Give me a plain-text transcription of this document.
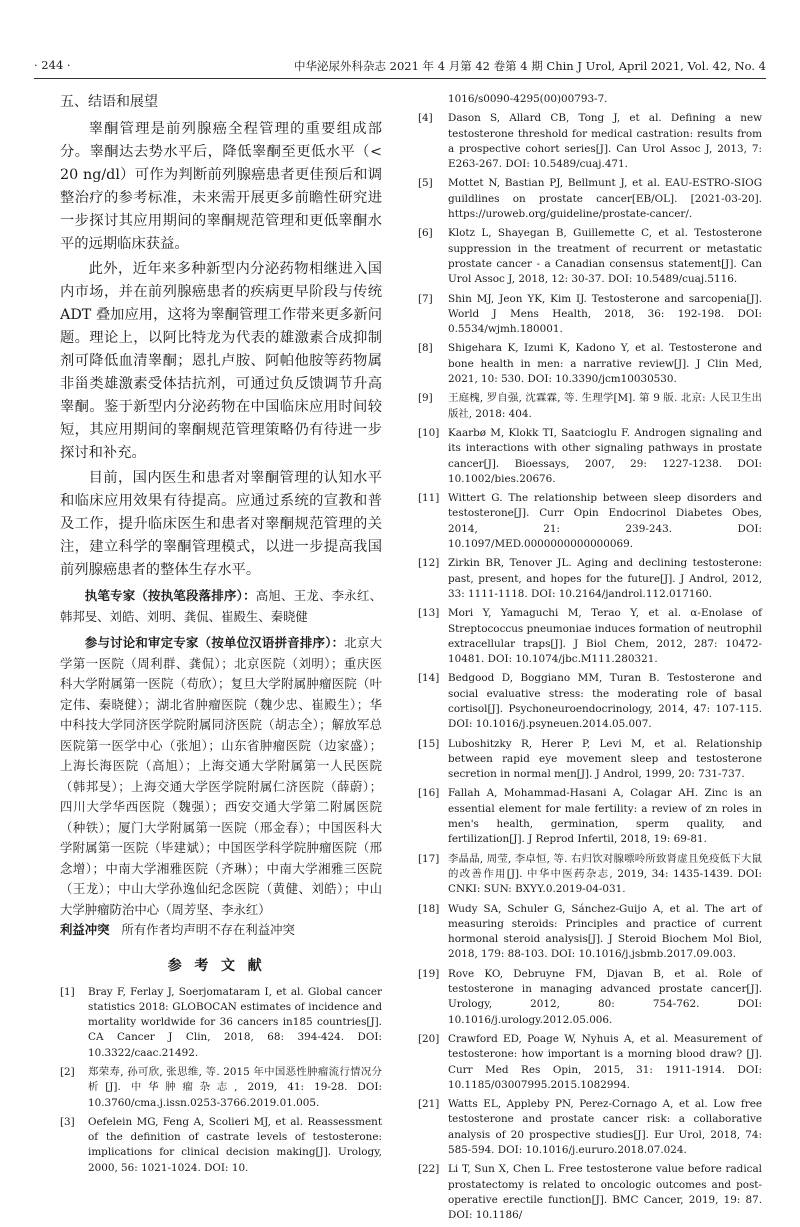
· 244 ·	中华泌尿外科杂志 2021 年 4 月第 42 卷第 4 期 Chin J Urol, April 2021, Vol. 42, No. 4
五、结语和展望

睾酮管理是前列腺癌全程管理的重要组成部分。睾酮达去势水平后，降低睾酮至更低水平（< 20 ng/dl）可作为判断前列腺癌患者更佳预后和调整治疗的参考标准，未来需开展更多前瞻性研究进一步探讨其应用期间的睾酮规范管理和更低睾酮水平的远期临床获益。

此外，近年来多种新型内分泌药物相继进入国内市场，并在前列腺癌患者的疾病更早阶段与传统 ADT 叠加应用，这将为睾酮管理工作带来更多新问题。理论上，以阿比特龙为代表的雄激素合成抑制剂可降低血清睾酮；恩扎卢胺、阿帕他胺等药物属非甾类雄激素受体拮抗剂，可通过负反馈调节升高睾酮。鉴于新型内分泌药物在中国临床应用时间较短，其应用期间的睾酮规范管理策略仍有待进一步探讨和补充。

目前，国内医生和患者对睾酮管理的认知水平和临床应用效果有待提高。应通过系统的宣教和普及工作，提升临床医生和患者对睾酮规范管理的关注，建立科学的睾酮管理模式，以进一步提高我国前列腺癌患者的整体生存水平。

执笔专家（按执笔段落排序）：高旭、王龙、李永红、韩邦旻、刘皓、刘明、龚侃、崔殿生、秦晓健

参与讨论和审定专家（按单位汉语拼音排序）：北京大学第一医院（周利群、龚侃）；北京医院（刘明）；重庆医科大学附属第一医院（苟欣）；复旦大学附属肿瘤医院（叶定伟、秦晓健）；湖北省肿瘤医院（魏少忠、崔殿生）；华中科技大学同济医学院附属同济医院（胡志全）；解放军总医院第一医学中心（张旭）；山东省肿瘤医院（边家盛）；上海长海医院（高旭）；上海交通大学附属第一人民医院（韩邦旻）；上海交通大学医学院附属仁济医院（薛蔚）；四川大学华西医院（魏强）；西安交通大学第二附属医院（种铁）；厦门大学附属第一医院（邢金春）；中国医科大学附属第一医院（毕建斌）；中国医学科学院肿瘤医院（邢念增）；中南大学湘雅医院（齐琳）；中南大学湘雅三医院（王龙）；中山大学孙逸仙纪念医院（黄健、刘皓）；中山大学肿瘤防治中心（周芳坚、李永红）

利益冲突 所有作者均声明不存在利益冲突

参考文献
[1]	Bray F, Ferlay J, Soerjomataram I, et al. Global cancer statistics 2018: GLOBOCAN estimates of incidence and mortality worldwide for 36 cancers in185 countries[J]. CA Cancer J Clin, 2018, 68: 394-424. DOI: 10.3322/caac.21492.
[2]	郑荣寿, 孙可欣, 张思维, 等. 2015 年中国恶性肿瘤流行情况分析[J]. 中华肿瘤杂志, 2019, 41: 19-28. DOI: 10.3760/cma.j.issn.0253-3766.2019.01.005.
[3]	Oefelein MG, Feng A, Scolieri MJ, et al. Reassessment of the definition of castrate levels of testosterone: implications for clinical decision making[J]. Urology, 2000, 56: 1021-1024. DOI: 10.
1016/s0090-4295(00)00793-7.
[4]	Dason S, Allard CB, Tong J, et al. Defining a new testosterone threshold for medical castration: results from a prospective cohort series[J]. Can Urol Assoc J, 2013, 7: E263-267. DOI: 10.5489/cuaj.471.
[5]	Mottet N, Bastian PJ, Bellmunt J, et al. EAU-ESTRO-SIOG guildlines on prostate cancer[EB/OL]. [2021-03-20]. https://uroweb.org/guideline/prostate-cancer/.
[6]	Klotz L, Shayegan B, Guillemette C, et al. Testosterone suppression in the treatment of recurrent or metastatic prostate cancer - a Canadian consensus statement[J]. Can Urol Assoc J, 2018, 12: 30-37. DOI: 10.5489/cuaj.5116.
[7]	Shin MJ, Jeon YK, Kim IJ. Testosterone and sarcopenia[J]. World J Mens Health, 2018, 36: 192-198. DOI: 0.5534/wjmh.180001.
[8]	Shigehara K, Izumi K, Kadono Y, et al. Testosterone and bone health in men: a narrative review[J]. J Clin Med, 2021, 10: 530. DOI: 10.3390/jcm10030530.
[9]	王庭槐, 罗自强, 沈霖霖, 等. 生理学[M]. 第 9 版. 北京: 人民卫生出版社, 2018: 404.
[10] Kaarbø M, Klokk TI, Saatcioglu F. Androgen signaling and its interactions with other signaling pathways in prostate cancer[J]. Bioessays, 2007, 29: 1227-1238. DOI: 10.1002/bies.20676.
[11] Wittert G. The relationship between sleep disorders and testosterone[J]. Curr Opin Endocrinol Diabetes Obes, 2014, 21: 239-243. DOI: 10.1097/MED.0000000000000069.
[12] Zirkin BR, Tenover JL. Aging and declining testosterone: past, present, and hopes for the future[J]. J Androl, 2012, 33: 1111-1118. DOI: 10.2164/jandrol.112.017160.
[13] Mori Y, Yamaguchi M, Terao Y, et al. α-Enolase of Streptococcus pneumoniae induces formation of neutrophil extracellular traps[J]. J Biol Chem, 2012, 287: 10472-10481. DOI: 10.1074/jbc.M111.280321.
[14] Bedgood D, Boggiano MM, Turan B. Testosterone and social evaluative stress: the moderating role of basal cortisol[J]. Psychoneuroendocrinology, 2014, 47: 107-115. DOI: 10.1016/j.psyneuen.2014.05.007.
[15] Luboshitzky R, Herer P, Levi M, et al. Relationship between rapid eye movement sleep and testosterone secretion in normal men[J]. J Androl, 1999, 20: 731-737.
[16] Fallah A, Mohammad-Hasani A, Colagar AH. Zinc is an essential element for male fertility: a review of zn roles in men's health, germination, sperm quality, and fertilization[J]. J Reprod Infertil, 2018, 19: 69-81.
[17] 李晶晶, 周莹, 李卓恒, 等. 右归饮对腺嘌呤所致肾虚且免疫低下大鼠的改善作用[J]. 中华中医药杂志, 2019, 34: 1435-1439. DOI: CNKI: SUN: BXYY.0.2019-04-031.
[18] Wudy SA, Schuler G, Sánchez-Guijo A, et al. The art of measuring steroids: Principles and practice of current hormonal steroid analysis[J]. J Steroid Biochem Mol Biol, 2018, 179: 88-103. DOI: 10.1016/j.jsbmb.2017.09.003.
[19] Rove KO, Debruyne FM, Djavan B, et al. Role of testosterone in managing advanced prostate cancer[J]. Urology, 2012, 80: 754-762. DOI: 10.1016/j.urology.2012.05.006.
[20] Crawford ED, Poage W, Nyhuis A, et al. Measurement of testosterone: how important is a morning blood draw? [J]. Curr Med Res Opin, 2015, 31: 1911-1914. DOI: 10.1185/03007995.2015.1082994.
[21] Watts EL, Appleby PN, Perez-Cornago A, et al. Low free testosterone and prostate cancer risk: a collaborative analysis of 20 prospective studies[J]. Eur Urol, 2018, 74: 585-594. DOI: 10.1016/j.eururo.2018.07.024.
[22] Li T, Sun X, Chen L. Free testosterone value before radical prostatectomy is related to oncologic outcomes and post-operative erectile function[J]. BMC Cancer, 2019, 19: 87. DOI: 10.1186/
